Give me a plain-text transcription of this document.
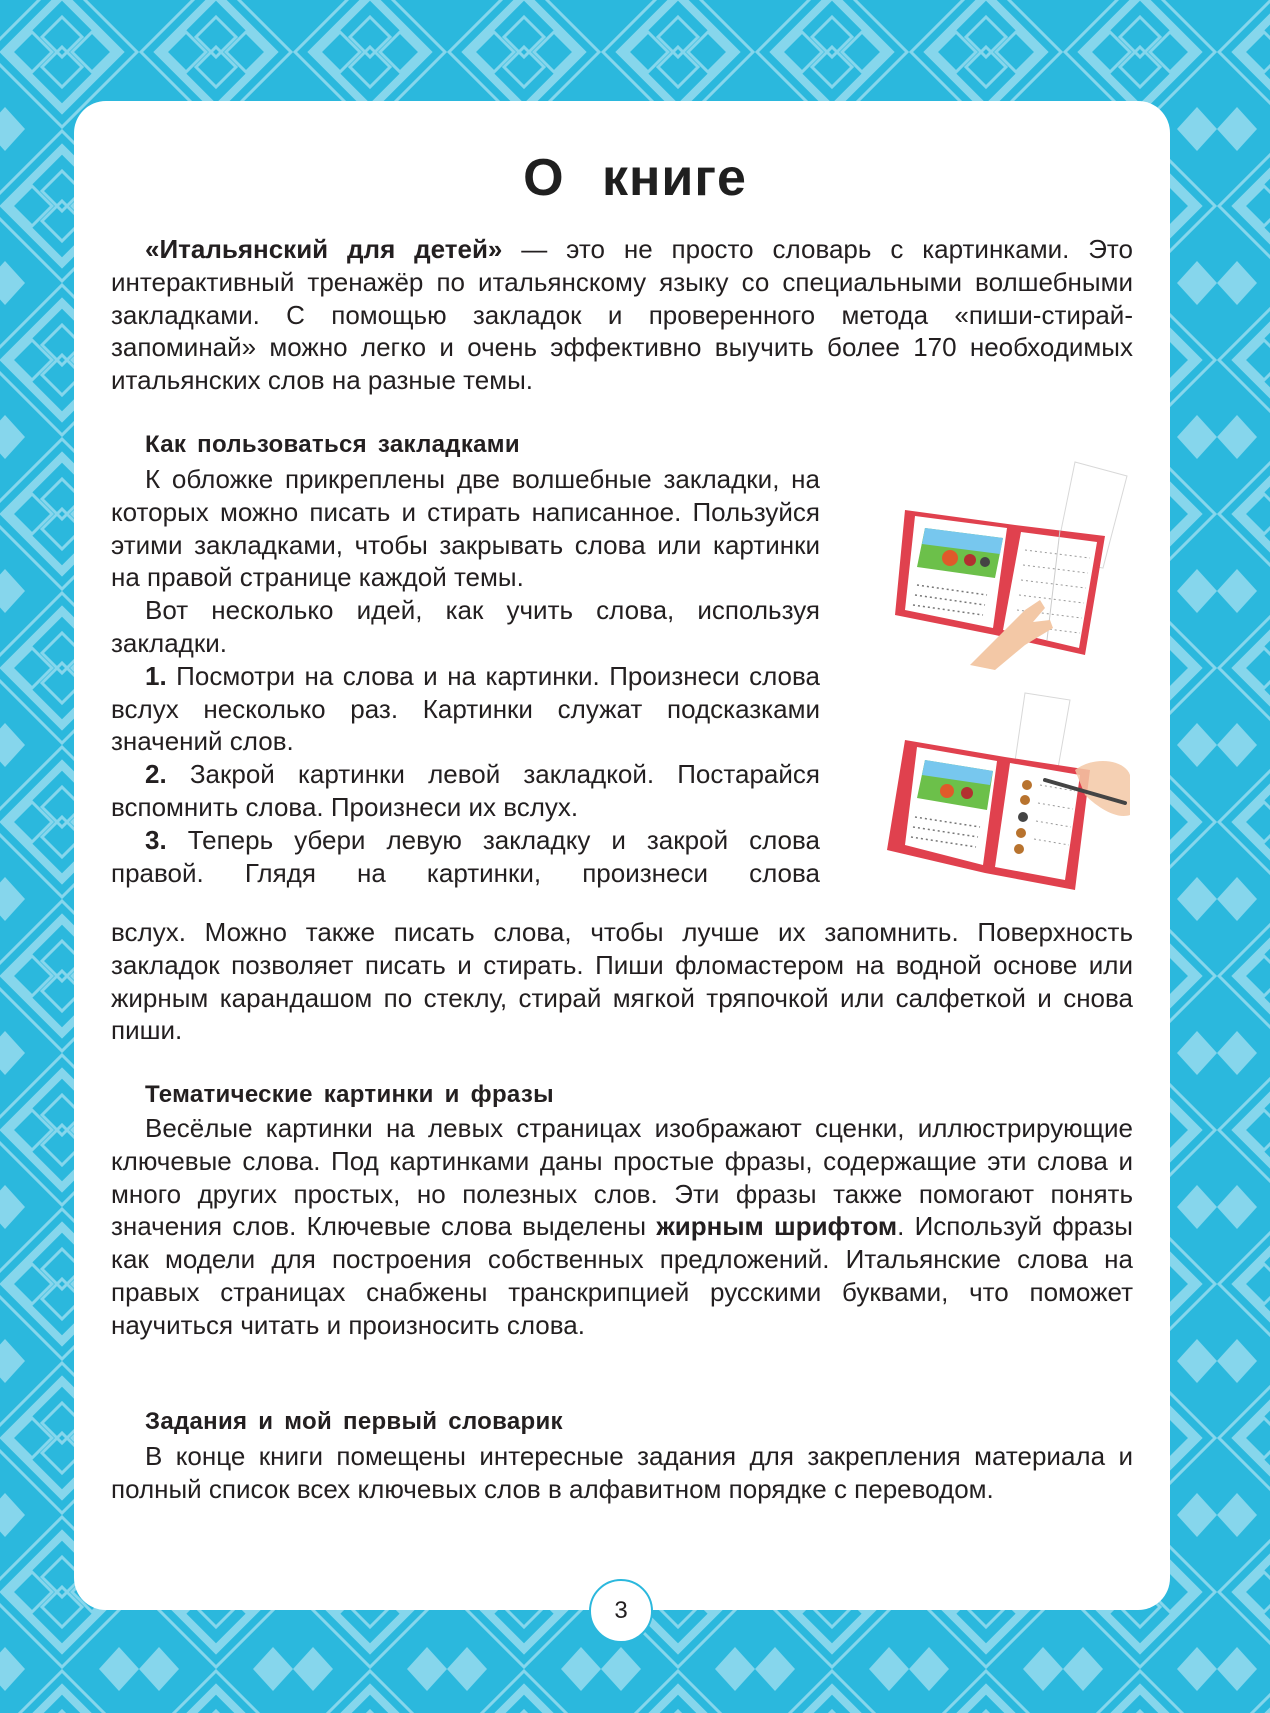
О книге

«Итальянский для детей» — это не просто словарь с картинками. Это интерактивный тренажёр по итальянскому языку со специальными волшебными закладками. С помощью закладок и проверенного метода «пиши-стирай-запоминай» можно легко и очень эффективно выучить более 170 необходимых итальянских слов на разные темы.

Как пользоваться закладками

К обложке прикреплены две волшебные закладки, на которых можно писать и стирать написанное. Пользуйся этими закладками, чтобы закрывать слова или картинки на правой странице каждой темы.

Вот несколько идей, как учить слова, используя закладки.

1. Посмотри на слова и на картинки. Произнеси слова вслух несколько раз. Картинки служат подсказками значений слов.

2. Закрой картинки левой закладкой. Постарайся вспомнить слова. Произнеси их вслух.

3. Теперь убери левую закладку и закрой слова правой. Глядя на картинки, произнеси слова

вслух. Можно также писать слова, чтобы лучше их запомнить. Поверхность закладок позволяет писать и стирать. Пиши фломастером на водной основе или жирным карандашом по стеклу, стирай мягкой тряпочкой или салфеткой и снова пиши.

Тематические картинки и фразы

Весёлые картинки на левых страницах изображают сценки, иллюстрирующие ключевые слова. Под картинками даны простые фразы, содержащие эти слова и много других простых, но полезных слов. Эти фразы также помогают понять значения слов. Ключевые слова выделены жирным шрифтом. Используй фразы как модели для построения собственных предложений. Итальянские слова на правых страницах снабжены транскрипцией русскими буквами, что поможет научиться читать и произносить слова.

Задания и мой первый словарик

В конце книги помещены интересные задания для закрепления материала и полный список всех ключевых слов в алфавитном порядке с переводом.

3
